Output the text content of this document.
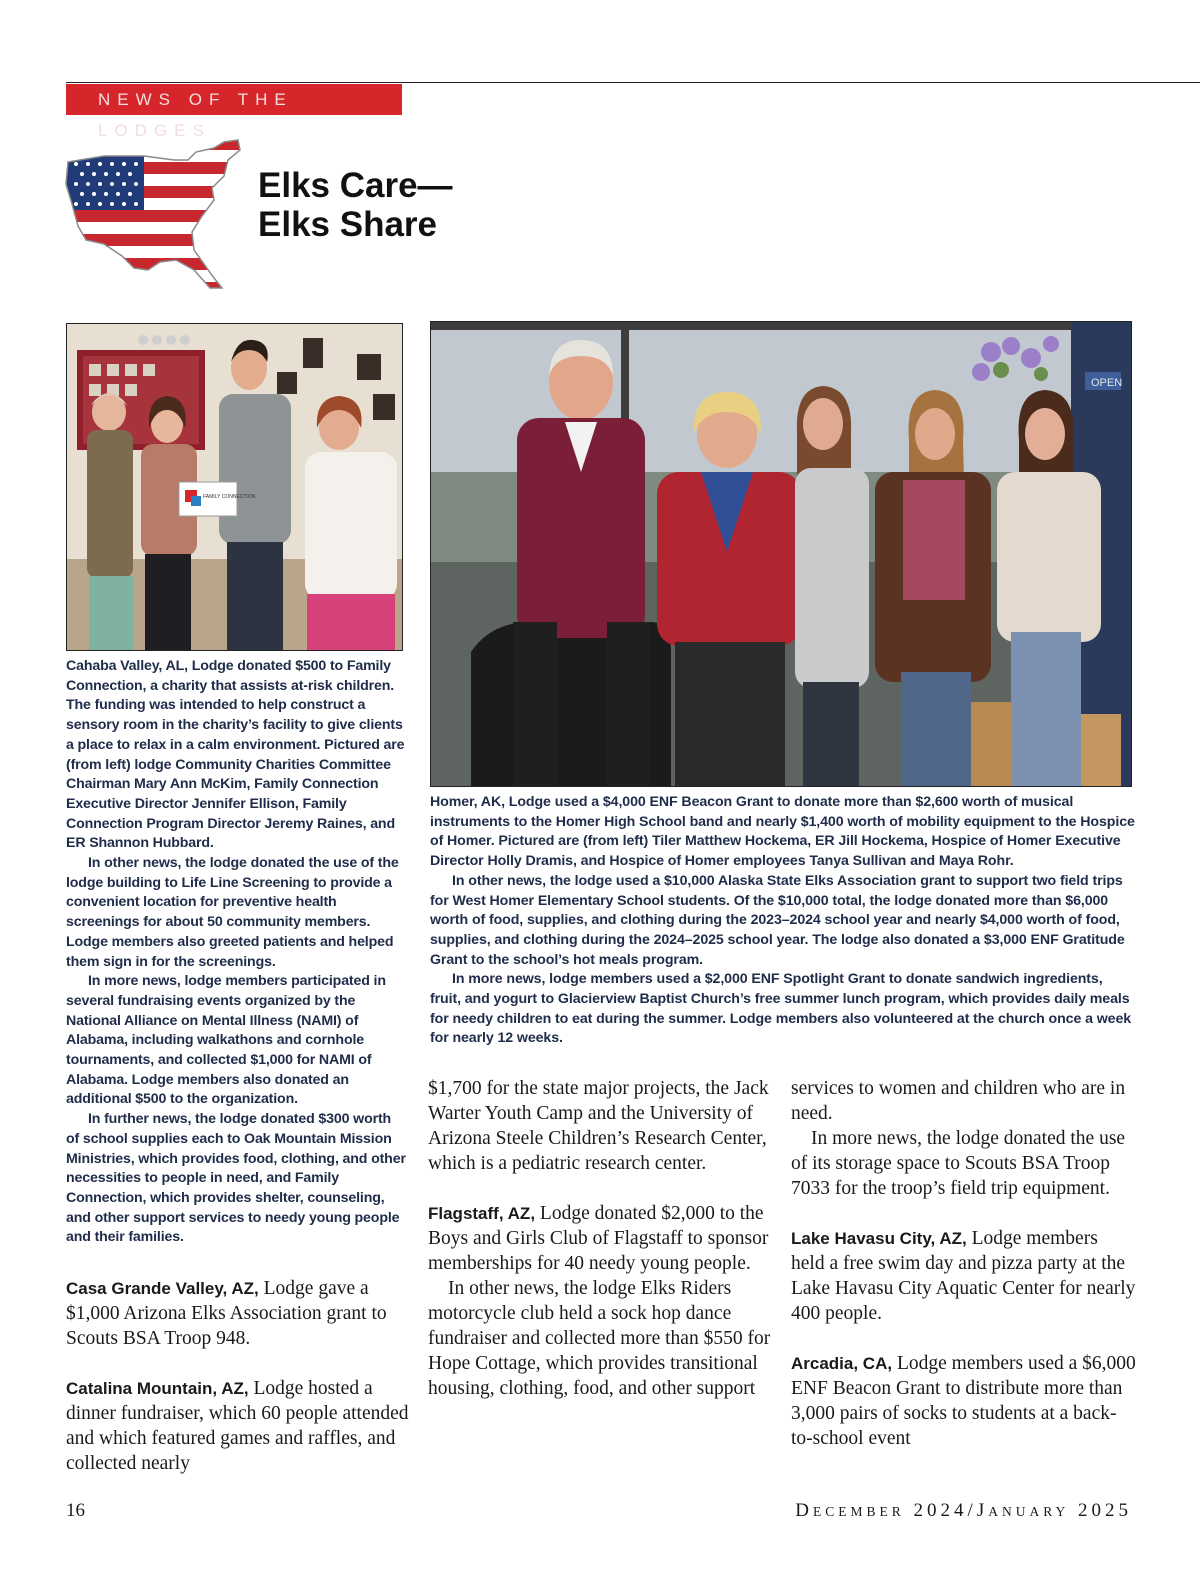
NEWS OF THE LODGES
Elks Care—
Elks Share
FAMILY CONNECTION
OPEN

Cahaba Valley, AL, Lodge donated $500 to Family Connection, a charity that assists at-risk children. The funding was intended to help construct a sensory room in the charity’s facility to give clients a place to relax in a calm environment. Pictured are (from left) lodge Community Charities Committee Chairman Mary Ann McKim, Family Connection Executive Director Jennifer Ellison, Family Connection Program Director Jeremy Raines, and ER Shannon Hubbard.

In other news, the lodge donated the use of the lodge building to Life Line Screening to provide a convenient location for preventive health screenings for about 50 community members. Lodge members also greeted patients and helped them sign in for the screenings.

In more news, lodge members participated in several fundraising events organized by the National Alliance on Mental Illness (NAMI) of Alabama, including walkathons and cornhole tournaments, and collected $1,000 for NAMI of Alabama. Lodge members also donated an additional $500 to the organization.

In further news, the lodge donated $300 worth of school supplies each to Oak Mountain Mission Ministries, which provides food, clothing, and other necessities to people in need, and Family Connection, which provides shelter, counseling, and other support services to needy young people and their families.

Homer, AK, Lodge used a $4,000 ENF Beacon Grant to donate more than $2,600 worth of musical instruments to the Homer High School band and nearly $1,400 worth of mobility equipment to the Hospice of Homer. Pictured are (from left) Tiler Matthew Hockema, ER Jill Hockema, Hospice of Homer Executive Director Holly Dramis, and Hospice of Homer employees Tanya Sullivan and Maya Rohr.

In other news, the lodge used a $10,000 Alaska State Elks Association grant to support two field trips for West Homer Elementary School students. Of the $10,000 total, the lodge donated more than $6,000 worth of food, supplies, and clothing during the 2023–2024 school year and nearly $4,000 worth of food, supplies, and clothing during the 2024–2025 school year. The lodge also donated a $3,000 ENF Gratitude Grant to the school’s hot meals program.

In more news, lodge members used a $2,000 ENF Spotlight Grant to donate sandwich ingredients, fruit, and yogurt to Glacierview Baptist Church’s free summer lunch program, which provides daily meals for needy children to eat during the summer. Lodge members also volunteered at the church once a week for nearly 12 weeks.

Casa Grande Valley, AZ, Lodge gave a $1,000 Arizona Elks Association grant to Scouts BSA Troop 948.

Catalina Mountain, AZ, Lodge hosted a dinner fundraiser, which 60 people attended and which featured games and raffles, and collected nearly

$1,700 for the state major projects, the Jack Warter Youth Camp and the University of Arizona Steele Children’s Research Center, which is a pediatric research center.

Flagstaff, AZ, Lodge donated $2,000 to the Boys and Girls Club of Flagstaff to sponsor memberships for 40 needy young people.

In other news, the lodge Elks Riders motorcycle club held a sock hop dance fundraiser and collected more than $550 for Hope Cottage, which provides transitional housing, clothing, food, and other support

services to women and children who are in need.

In more news, the lodge donated the use of its storage space to Scouts BSA Troop 7033 for the troop’s field trip equipment.

Lake Havasu City, AZ, Lodge members held a free swim day and pizza party at the Lake Havasu City Aquatic Center for nearly 400 people.

Arcadia, CA, Lodge members used a $6,000 ENF Beacon Grant to distribute more than 3,000 pairs of socks to students at a back-to-school event

16	DECEMBER 2024/JANUARY 2025
